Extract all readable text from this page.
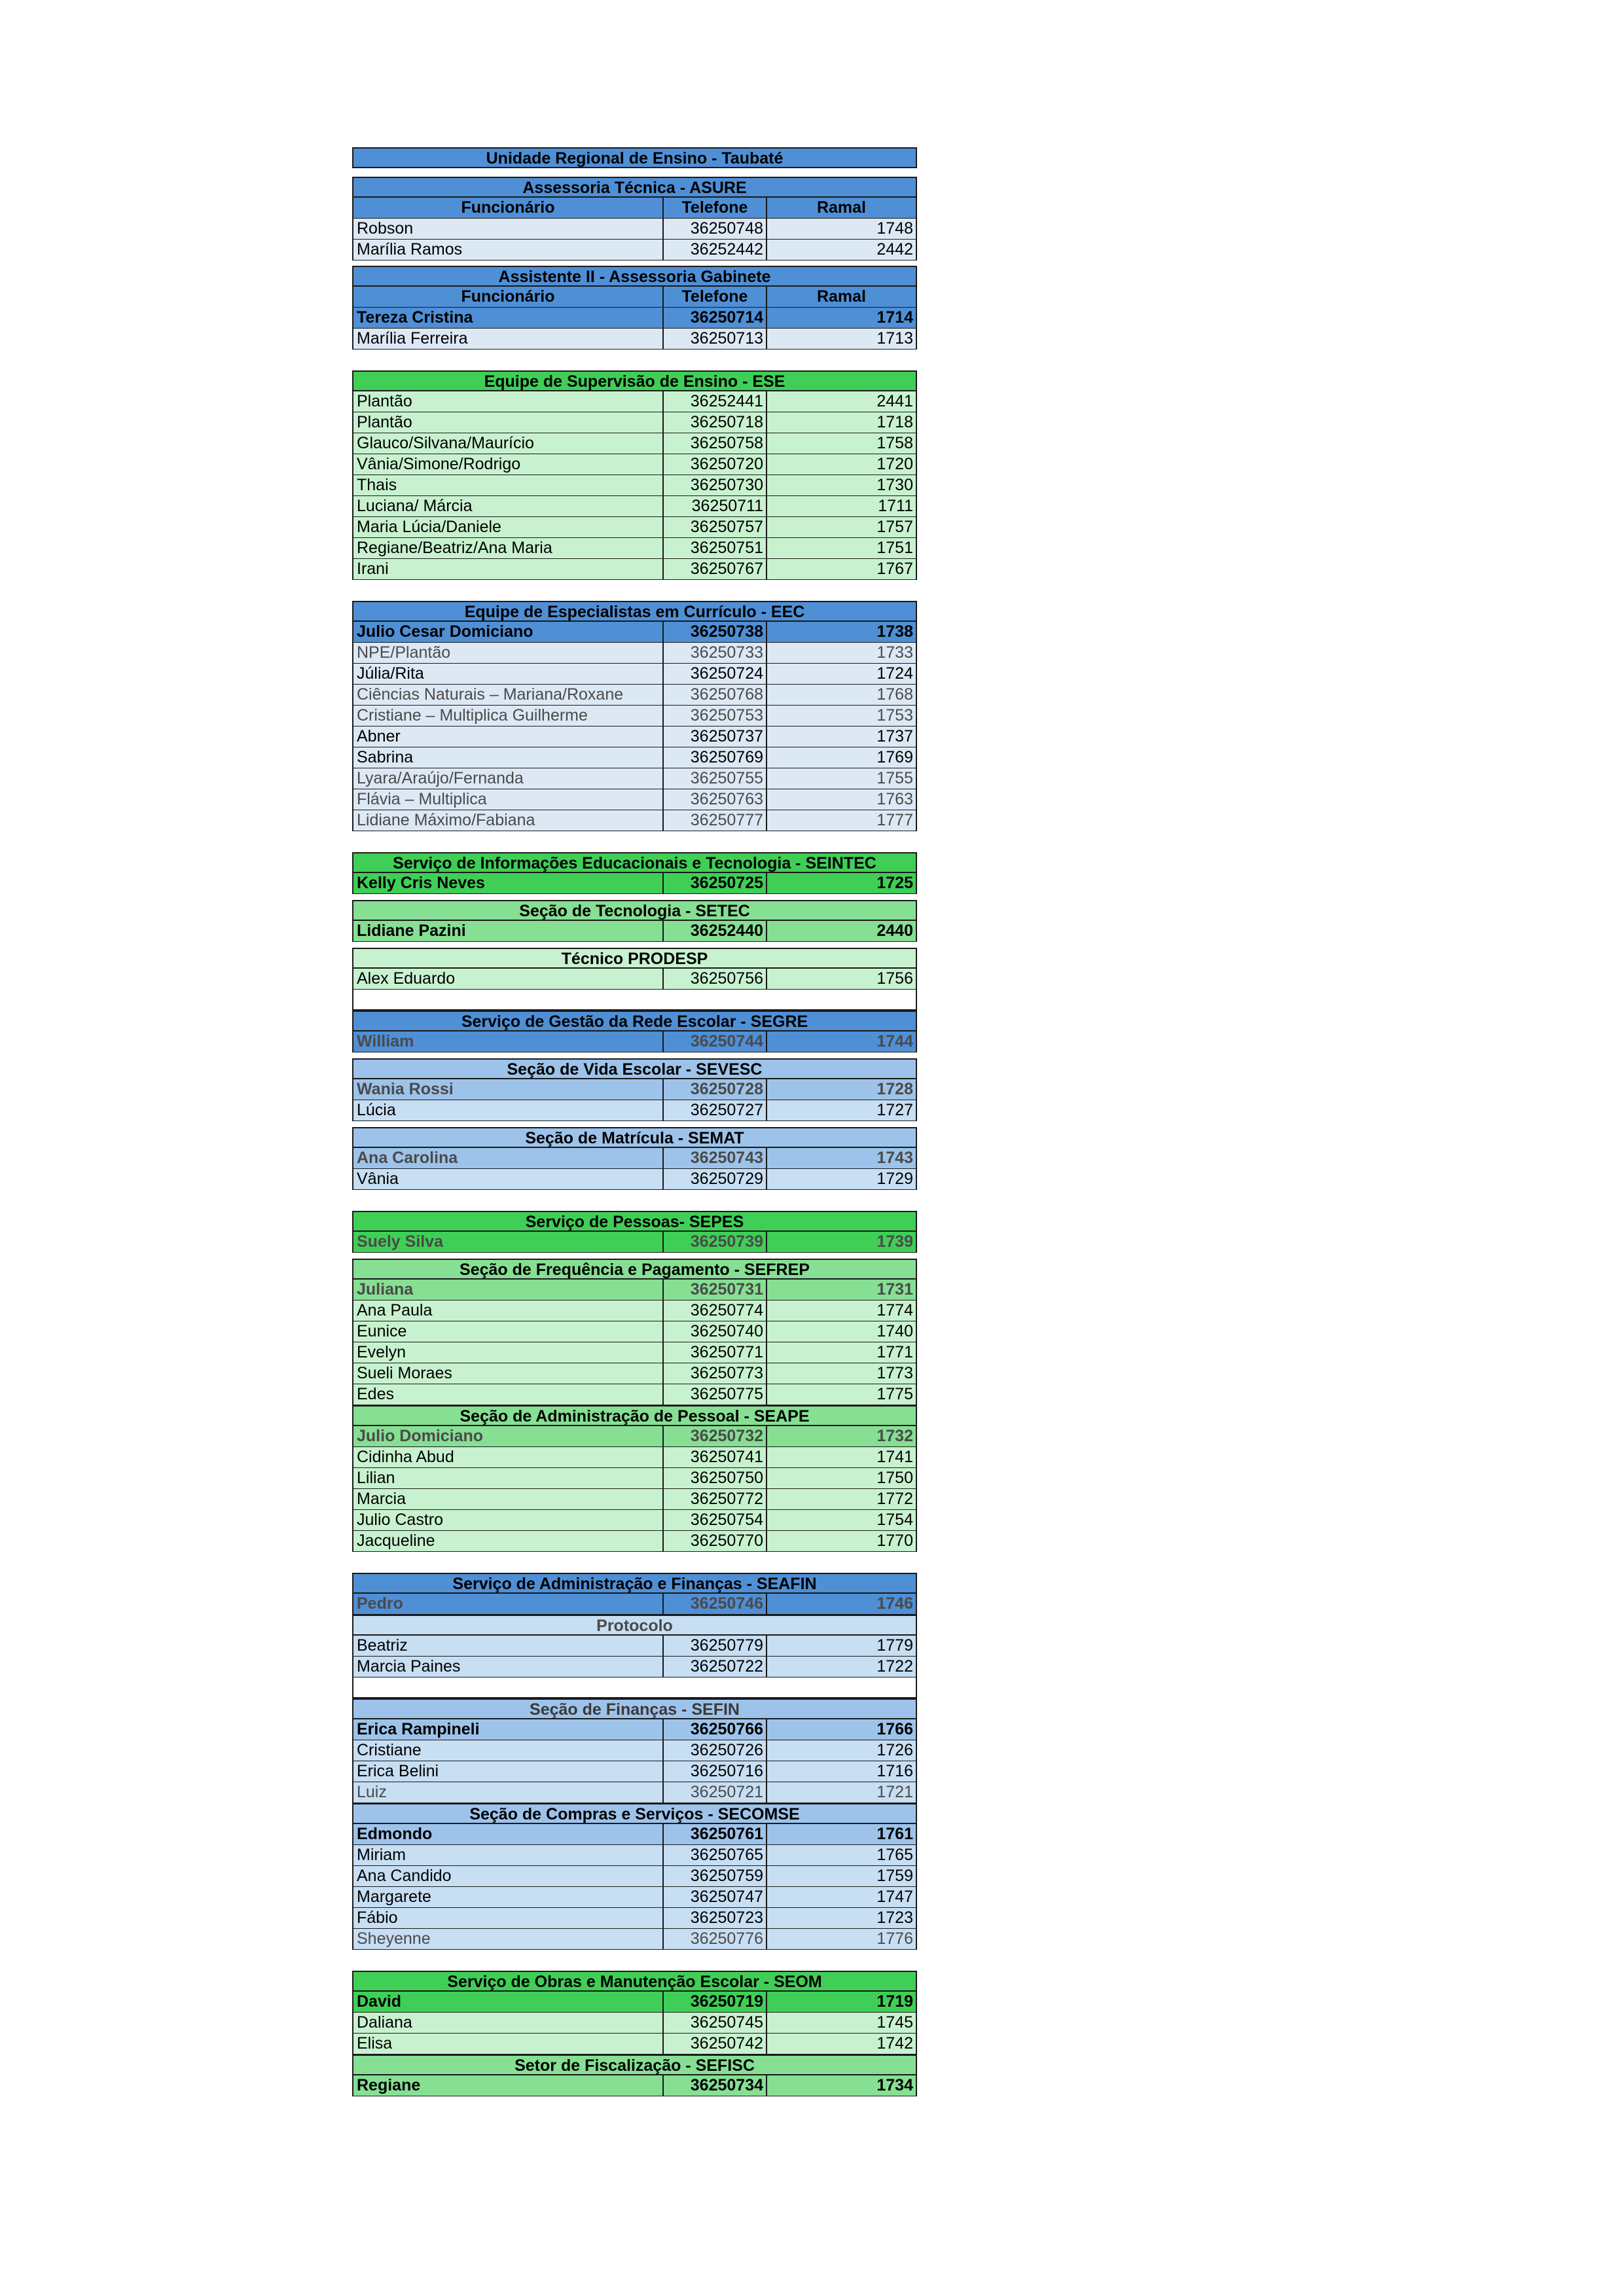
Unidade Regional de Ensino - Taubaté
Assessoria Técnica - ASURE
Funcionário	Telefone	Ramal
Robson	36250748	1748
Marília Ramos	36252442	2442
Assistente II - Assessoria Gabinete
Funcionário	Telefone	Ramal
Tereza Cristina	36250714	1714
Marília Ferreira	36250713	1713
Equipe de Supervisão de Ensino - ESE
Plantão	36252441	2441
Plantão	36250718	1718
Glauco/Silvana/Maurício	36250758	1758
Vânia/Simone/Rodrigo	36250720	1720
Thais	36250730	1730
Luciana/ Márcia	36250711	1711
Maria Lúcia/Daniele	36250757	1757
Regiane/Beatriz/Ana Maria	36250751	1751
Irani	36250767	1767
Equipe de Especialistas em Currículo - EEC
Julio Cesar Domiciano	36250738	1738
NPE/Plantão	36250733	1733
Júlia/Rita	36250724	1724
Ciências Naturais – Mariana/Roxane	36250768	1768
Cristiane – Multiplica Guilherme	36250753	1753
Abner	36250737	1737
Sabrina	36250769	1769
Lyara/Araújo/Fernanda	36250755	1755
Flávia – Multiplica	36250763	1763
Lidiane Máximo/Fabiana	36250777	1777
Serviço de Informações Educacionais e Tecnologia - SEINTEC
Kelly Cris Neves	36250725	1725
Seção de Tecnologia - SETEC
Lidiane Pazini	36252440	2440
Técnico PRODESP
Alex Eduardo	36250756	1756
Serviço de Gestão da Rede Escolar - SEGRE
William	36250744	1744
Seção de Vida Escolar - SEVESC
Wania Rossi	36250728	1728
Lúcia	36250727	1727
Seção de Matrícula - SEMAT
Ana Carolina	36250743	1743
Vânia	36250729	1729
Serviço de Pessoas- SEPES
Suely Silva	36250739	1739
Seção de Frequência e Pagamento - SEFREP
Juliana	36250731	1731
Ana Paula	36250774	1774
Eunice	36250740	1740
Evelyn	36250771	1771
Sueli Moraes	36250773	1773
Edes	36250775	1775
Seção de Administração de Pessoal - SEAPE
Julio Domiciano	36250732	1732
Cidinha Abud	36250741	1741
Lilian	36250750	1750
Marcia	36250772	1772
Julio Castro	36250754	1754
Jacqueline	36250770	1770
Serviço de Administração e Finanças - SEAFIN
Pedro	36250746	1746
Protocolo
Beatriz	36250779	1779
Marcia Paines	36250722	1722
Seção de Finanças - SEFIN
Erica Rampineli	36250766	1766
Cristiane	36250726	1726
Erica Belini	36250716	1716
Luiz	36250721	1721
Seção de Compras e Serviços - SECOMSE
Edmondo	36250761	1761
Miriam	36250765	1765
Ana Candido	36250759	1759
Margarete	36250747	1747
Fábio	36250723	1723
Sheyenne	36250776	1776
Serviço de Obras e Manutenção Escolar - SEOM
David	36250719	1719
Daliana	36250745	1745
Elisa	36250742	1742
Setor de Fiscalização - SEFISC
Regiane	36250734	1734
